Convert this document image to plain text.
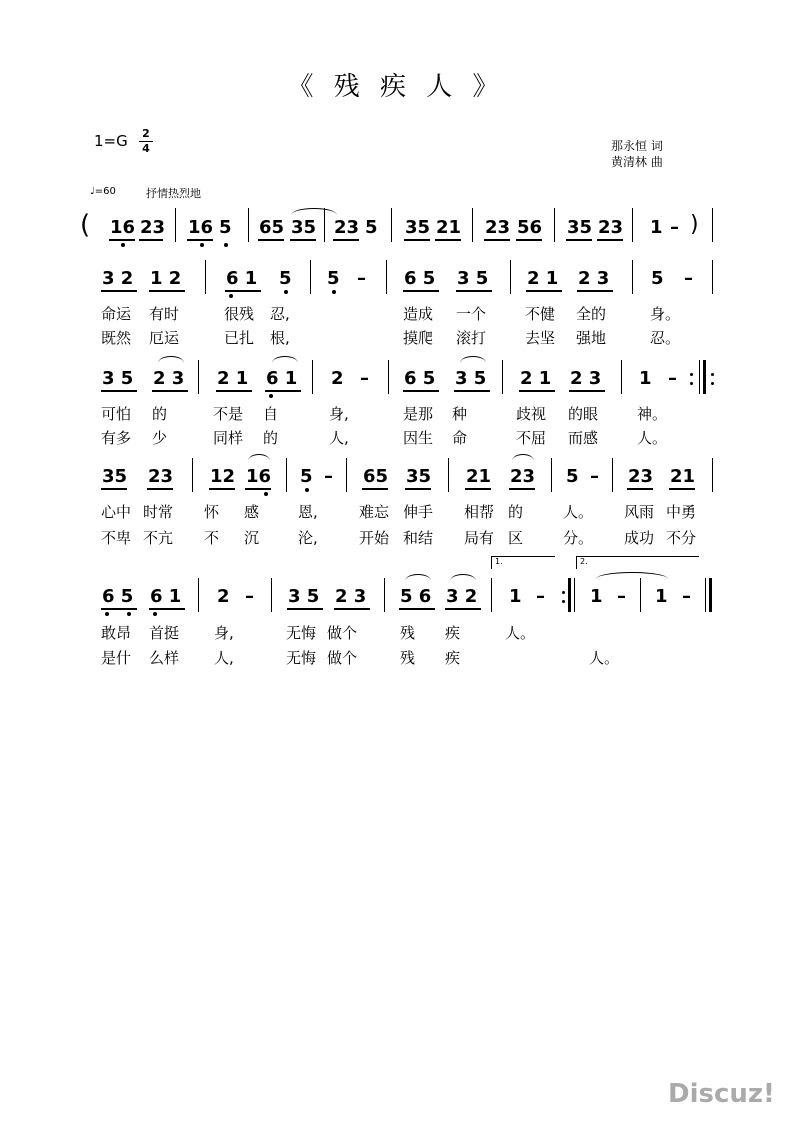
《 残 疾 人 》
1=G 2
4	那永恒 词
黄清林 曲
♩=60	抒情热烈地
( 16 23 16 5 65 35 23 5 35 21 23 56 35 23 1 – )
3 2 1 2 6 1 5 5 – 6 5 3 5 2 1 2 3 5 –
命运 有时	很残 忍,	造成 一个	不健 全的	身。
既然 厄运	已扎 根,	摸爬 滚打	去坚 强地	忍。
3 5 2 3 2 1 6 1 2 – 6 5 3 5 2 1 2 3 1 –
可怕 的	不是 自	身,	是那 种	歧视 的眼	神。
有多 少	同样 的	人,	因生 命	不屈 而感	人。
35 23 12 16 5 – 65 35 21 23 5 – 23 21
心中 时常 怀 感	恩,	难忘 伸手 相帮 的	人。 风雨 中勇
不卑 不亢 不 沉	沦,	开始 和结 局有 区	分。 成功 不分
1.	2.
6 5 6 1 2 – 3 5 2 3 5 6 3 2 1 –	1 – 1 –
敢昂 首挺 身,	无悔 做个	残 疾	人。
是什 么样 人,	无悔 做个	残 疾	人。
Discuz!
